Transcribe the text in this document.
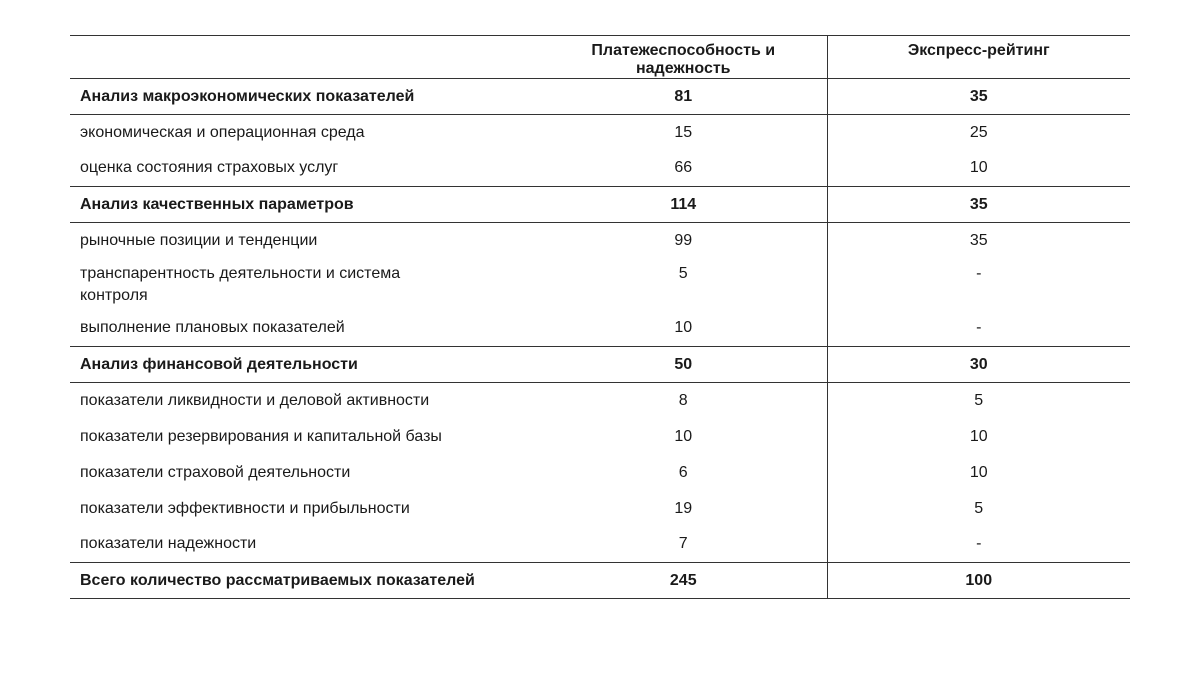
	Платежеспособность и надежность	Экспресс-рейтинг
Анализ макроэкономических показателей	81	35
экономическая и операционная среда	15	25
оценка состояния страховых услуг	66	10
Анализ качественных параметров	114	35
рыночные позиции и тенденции	99	35
транспарентность деятельности и система контроля	5	-
выполнение плановых показателей	10	-
Анализ финансовой деятельности	50	30
показатели ликвидности и деловой активности	8	5
показатели резервирования и капитальной базы	10	10
показатели страховой деятельности	6	10
показатели эффективности и прибыльности	19	5
показатели надежности	7	-
Всего количество рассматриваемых показателей	245	100
